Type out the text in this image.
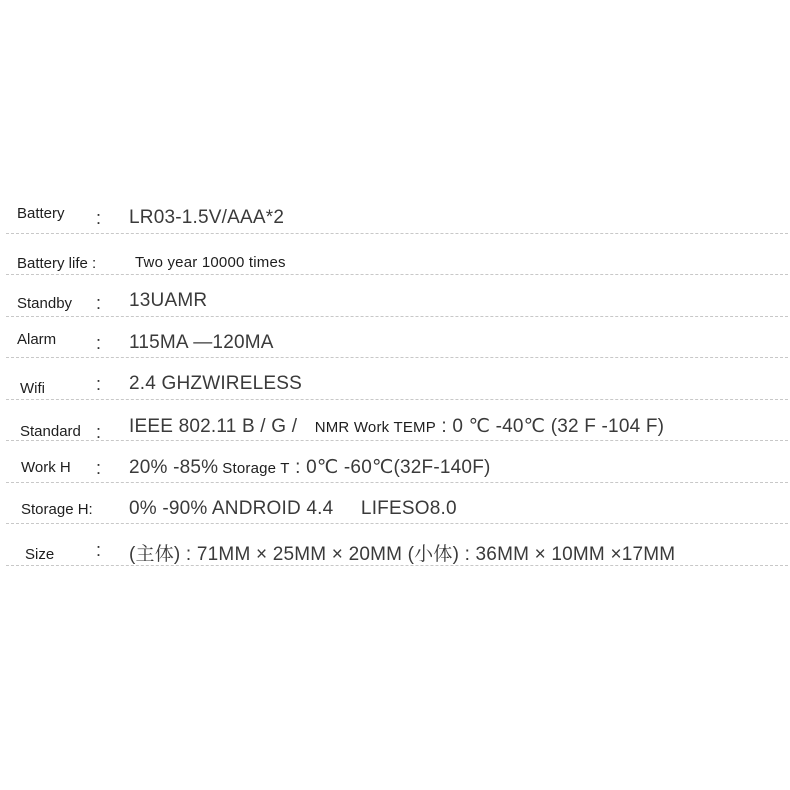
Battery : LR03-1.5V/AAA*2
Battery life :	Two year 10000 times
Standby : 13UAMR
Alarm : 115MA —120MA
Wifi	: 2.4 GHZWIRELESS
Standard : IEEE 802.11 B / G / NMR Work TEMP : 0 ℃ -40℃ (32 F -104 F)
Work H : 20% -85% Storage T : 0℃ -60℃(32F-140F)
Storage H: 0% -90% ANDROID 4.4 LIFESO8.0
Size : (主体) : 71MM × 25MM × 20MM (小体) : 36MM × 10MM ×17MM
